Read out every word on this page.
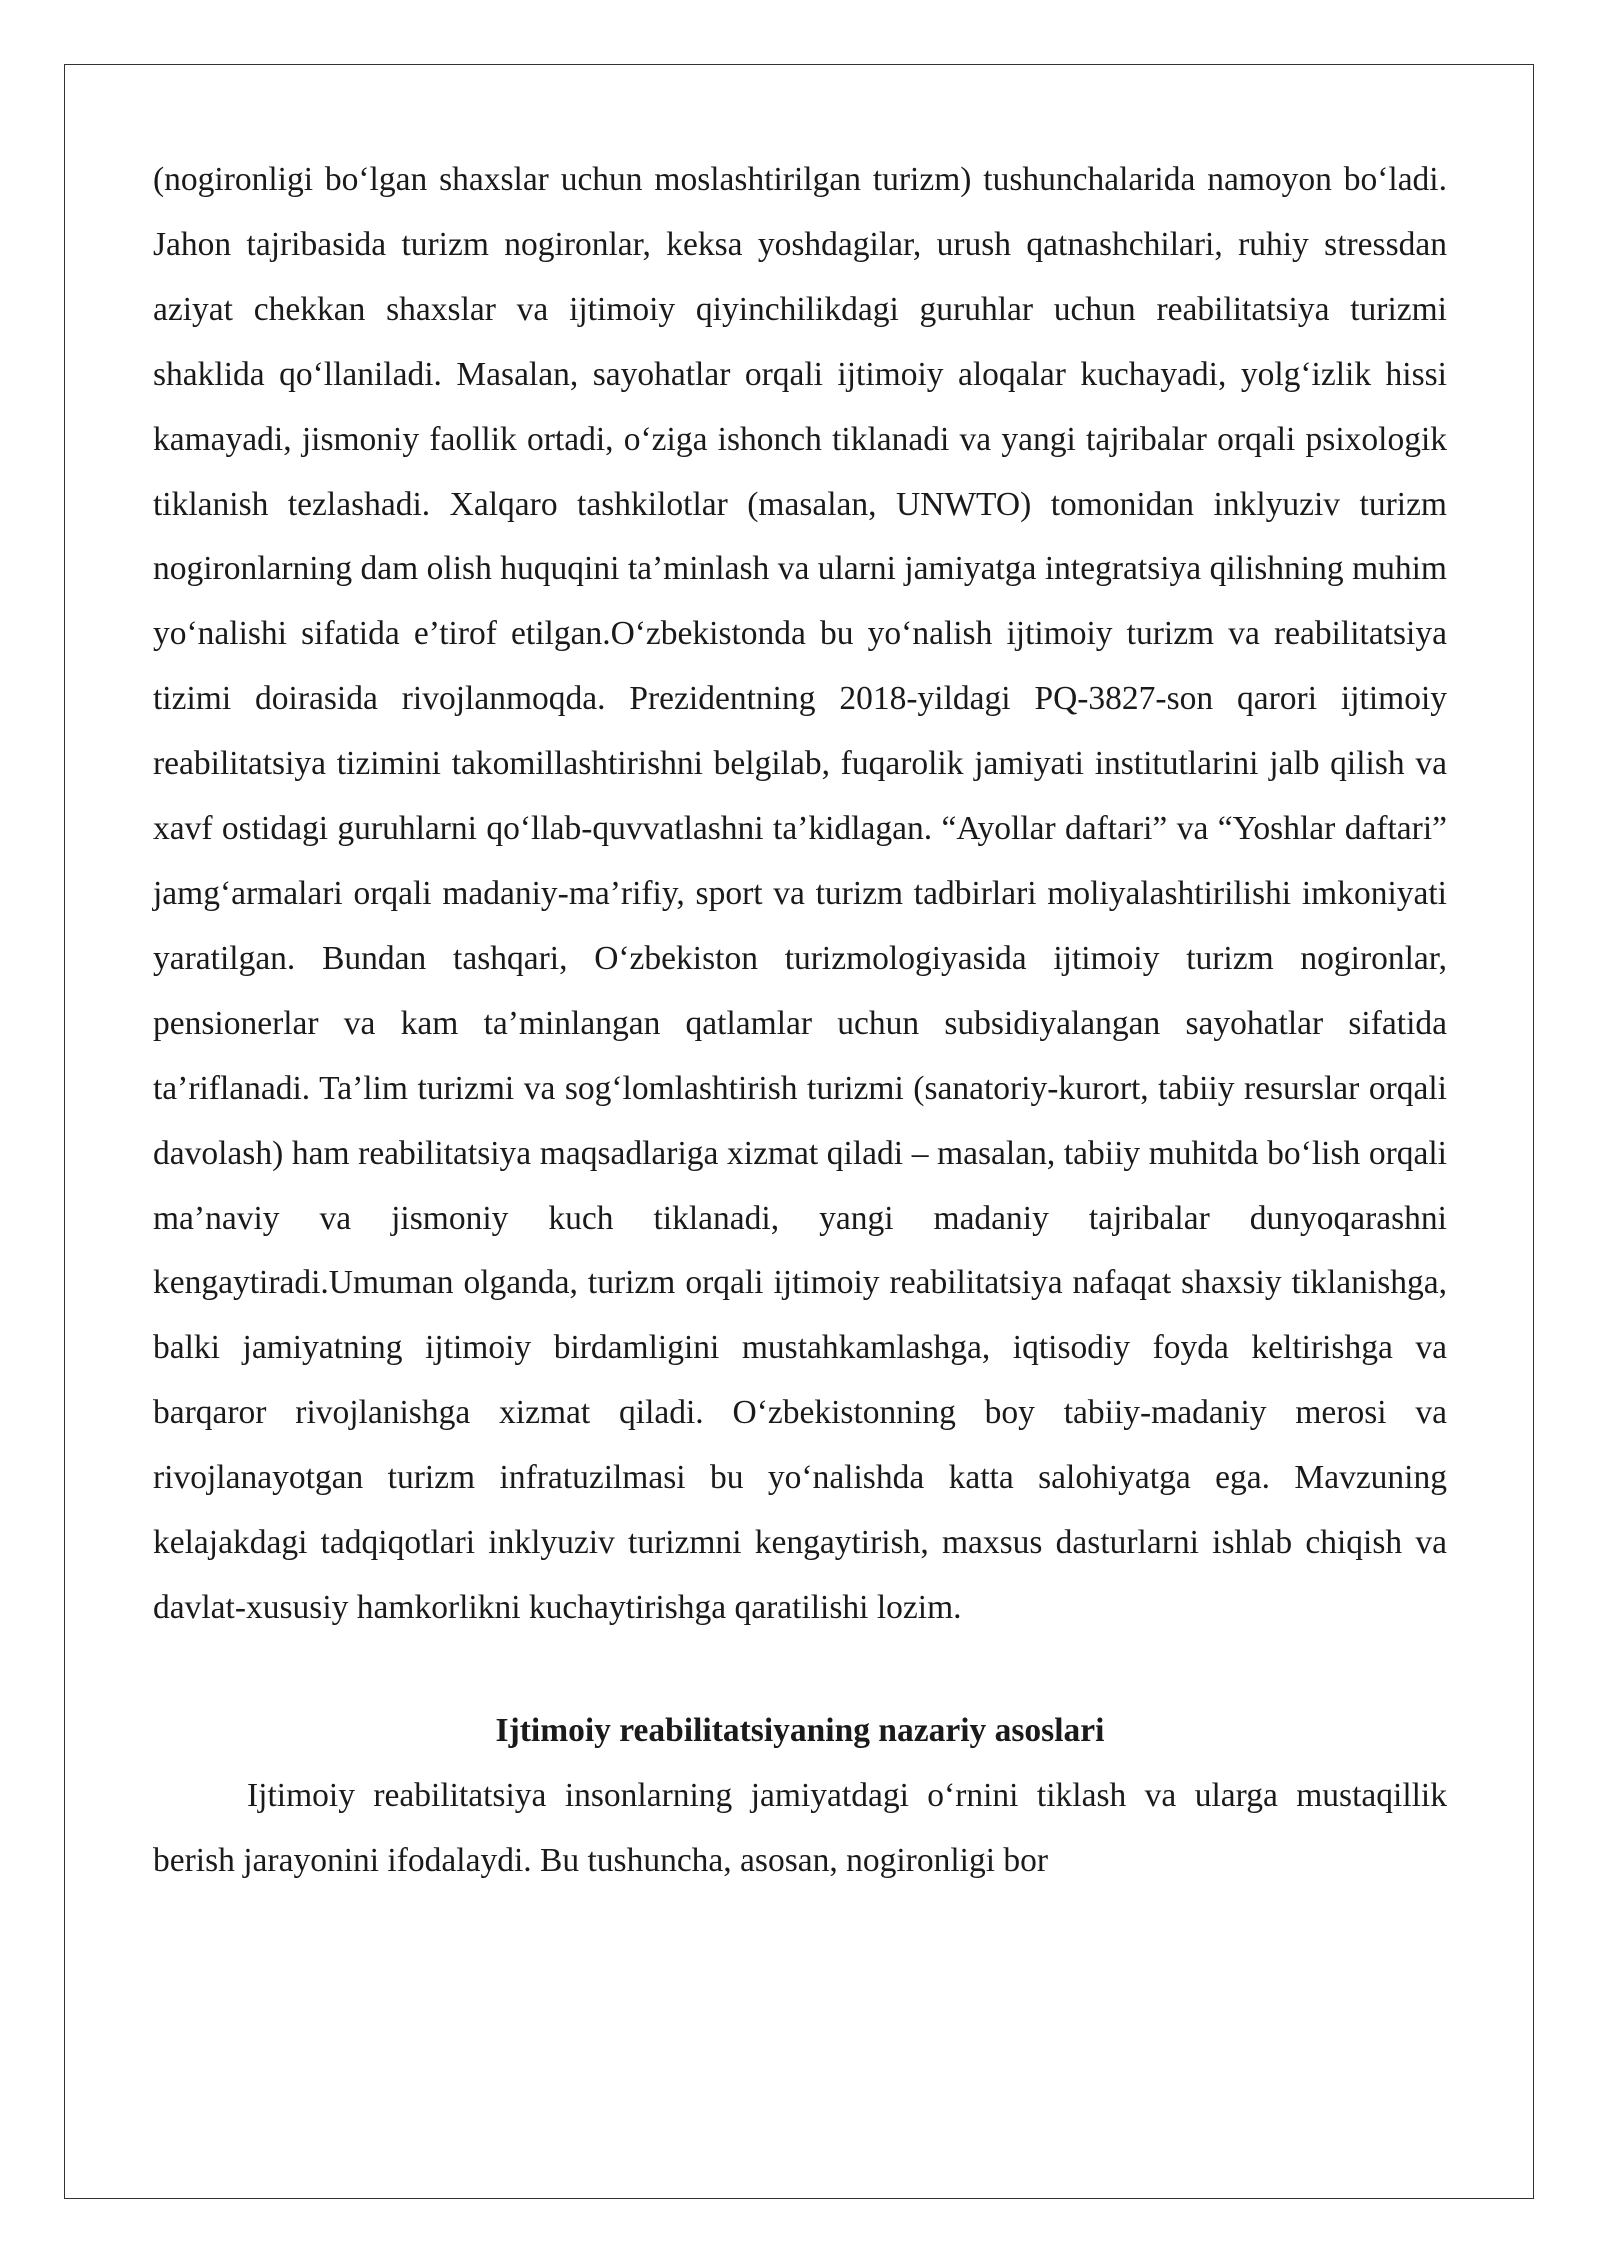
(nogironligi bo‘lgan shaxslar uchun moslashtirilgan turizm) tushunchalarida namoyon bo‘ladi. Jahon tajribasida turizm nogironlar, keksa yoshdagilar, urush qatnashchilari, ruhiy stressdan aziyat chekkan shaxslar va ijtimoiy qiyinchilikdagi guruhlar uchun reabilitatsiya turizmi shaklida qo‘llaniladi. Masalan, sayohatlar orqali ijtimoiy aloqalar kuchayadi, yolg‘izlik hissi kamayadi, jismoniy faollik ortadi, o‘ziga ishonch tiklanadi va yangi tajribalar orqali psixologik tiklanish tezlashadi. Xalqaro tashkilotlar (masalan, UNWTO) tomonidan inklyuziv turizm nogironlarning dam olish huquqini ta’minlash va ularni jamiyatga integratsiya qilishning muhim yo‘nalishi sifatida e’tirof etilgan.O‘zbekistonda bu yo‘nalish ijtimoiy turizm va reabilitatsiya tizimi doirasida rivojlanmoqda. Prezidentning 2018-yildagi PQ-3827-son qarori ijtimoiy reabilitatsiya tizimini takomillashtirishni belgilab, fuqarolik jamiyati institutlarini jalb qilish va xavf ostidagi guruhlarni qo‘llab-quvvatlashni ta’kidlagan. “Ayollar daftari” va “Yoshlar daftari” jamg‘armalari orqali madaniy-ma’rifiy, sport va turizm tadbirlari moliyalashtirilishi imkoniyati yaratilgan. Bundan tashqari, O‘zbekiston turizmologiyasida ijtimoiy turizm nogironlar, pensionerlar va kam ta’minlangan qatlamlar uchun subsidiyalangan sayohatlar sifatida ta’riflanadi. Ta’lim turizmi va sog‘lomlashtirish turizmi (sanatoriy-kurort, tabiiy resurslar orqali davolash) ham reabilitatsiya maqsadlariga xizmat qiladi – masalan, tabiiy muhitda bo‘lish orqali ma’naviy va jismoniy kuch tiklanadi, yangi madaniy tajribalar dunyoqarashni kengaytiradi.Umuman olganda, turizm orqali ijtimoiy reabilitatsiya nafaqat shaxsiy tiklanishga, balki jamiyatning ijtimoiy birdamligini mustahkamlashga, iqtisodiy foyda keltirishga va barqaror rivojlanishga xizmat qiladi. O‘zbekistonning boy tabiiy-madaniy merosi va rivojlanayotgan turizm infratuzilmasi bu yo‘nalishda katta salohiyatga ega. Mavzuning kelajakdagi tadqiqotlari inklyuziv turizmni kengaytirish, maxsus dasturlarni ishlab chiqish va davlat-xususiy hamkorlikni kuchaytirishga qaratilishi lozim.

Ijtimoiy reabilitatsiyaning nazariy asoslari

Ijtimoiy reabilitatsiya insonlarning jamiyatdagi o‘rnini tiklash va ularga mustaqillik berish jarayonini ifodalaydi. Bu tushuncha, asosan, nogironligi bor
